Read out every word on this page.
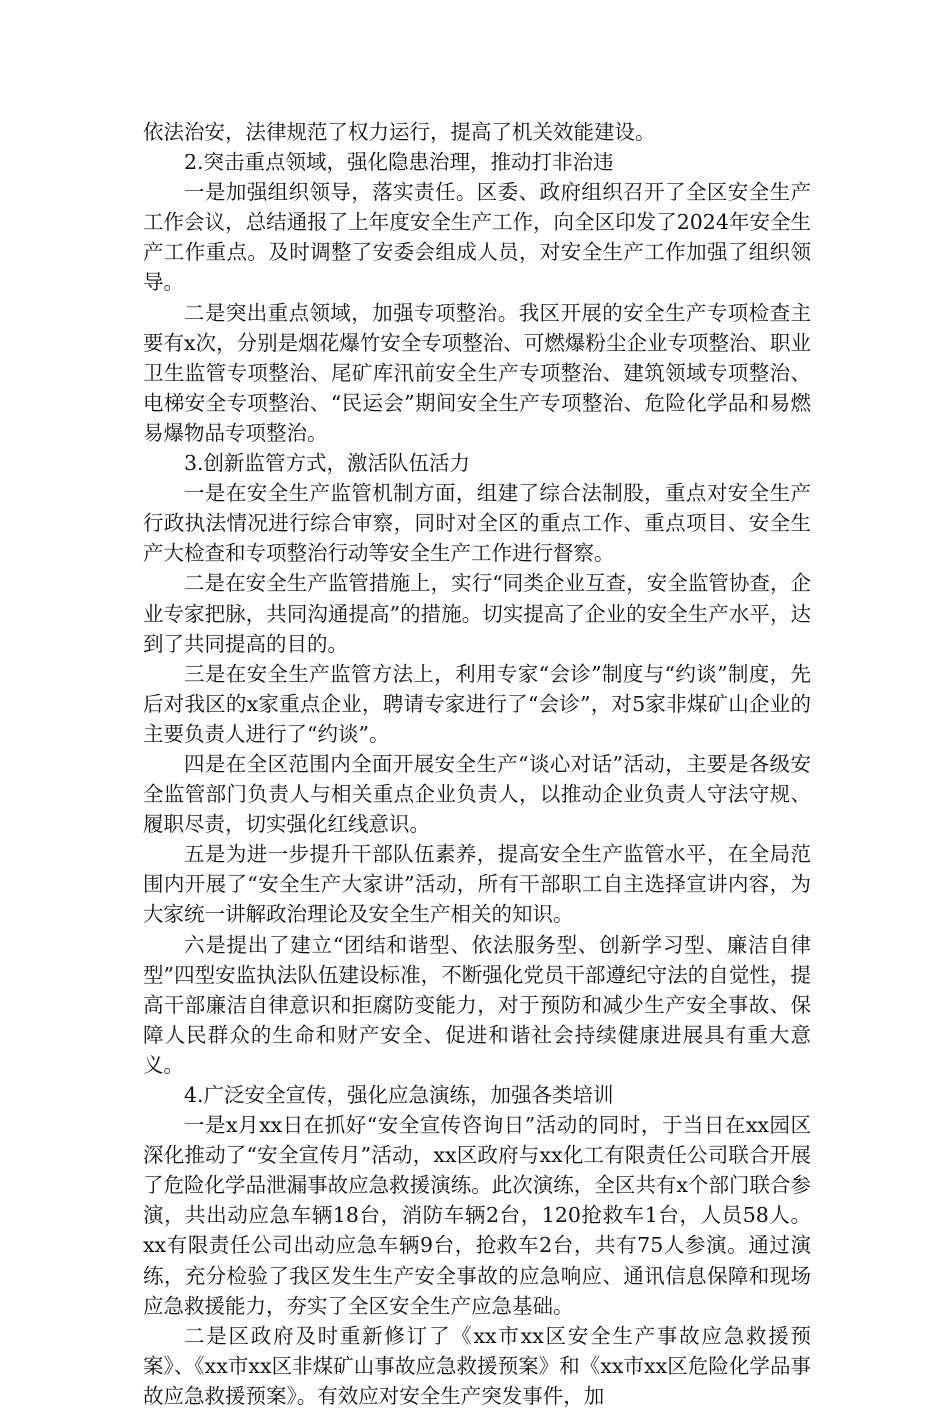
依法治安，法律规范了权力运行，提高了机关效能建设。

2.突击重点领域，强化隐患治理，推动打非治违

一是加强组织领导，落实责任。区委、政府组织召开了全区安全生产工作会议，总结通报了上年度安全生产工作，向全区印发了2024年安全生产工作重点。及时调整了安委会组成人员，对安全生产工作加强了组织领导。

二是突出重点领域，加强专项整治。我区开展的安全生产专项检查主要有x次，分别是烟花爆竹安全专项整治、可燃爆粉尘企业专项整治、职业卫生监管专项整治、尾矿库汛前安全生产专项整治、建筑领域专项整治、电梯安全专项整治、“民运会”期间安全生产专项整治、危险化学品和易燃易爆物品专项整治。

3.创新监管方式，激活队伍活力

一是在安全生产监管机制方面，组建了综合法制股，重点对安全生产行政执法情况进行综合审察，同时对全区的重点工作、重点项目、安全生产大检查和专项整治行动等安全生产工作进行督察。

二是在安全生产监管措施上，实行“同类企业互查，安全监管协查，企业专家把脉，共同沟通提高”的措施。切实提高了企业的安全生产水平，达到了共同提高的目的。

三是在安全生产监管方法上，利用专家“会诊”制度与“约谈”制度，先后对我区的x家重点企业，聘请专家进行了“会诊”，对5家非煤矿山企业的主要负责人进行了“约谈”。

四是在全区范围内全面开展安全生产“谈心对话”活动，主要是各级安全监管部门负责人与相关重点企业负责人，以推动企业负责人守法守规、履职尽责，切实强化红线意识。

五是为进一步提升干部队伍素养，提高安全生产监管水平，在全局范围内开展了“安全生产大家讲”活动，所有干部职工自主选择宣讲内容，为大家统一讲解政治理论及安全生产相关的知识。

六是提出了建立“团结和谐型、依法服务型、创新学习型、廉洁自律型”四型安监执法队伍建设标准，不断强化党员干部遵纪守法的自觉性，提高干部廉洁自律意识和拒腐防变能力，对于预防和减少生产安全事故、保障人民群众的生命和财产安全、促进和谐社会持续健康进展具有重大意义。

4.广泛安全宣传，强化应急演练，加强各类培训

一是x月xx日在抓好“安全宣传咨询日”活动的同时，于当日在xx园区深化推动了“安全宣传月”活动，xx区政府与xx化工有限责任公司联合开展了危险化学品泄漏事故应急救援演练。此次演练，全区共有x个部门联合参演，共出动应急车辆18台，消防车辆2台，120抢救车1台，人员58人。xx有限责任公司出动应急车辆9台，抢救车2台，共有75人参演。通过演练，充分检验了我区发生生产安全事故的应急响应、通讯信息保障和现场应急救援能力，夯实了全区安全生产应急基础。

二是区政府及时重新修订了《xx市xx区安全生产事故应急救援预案》、《xx市xx区非煤矿山事故应急救援预案》和《xx市xx区危险化学品事故应急救援预案》。有效应对安全生产突发事件，加
